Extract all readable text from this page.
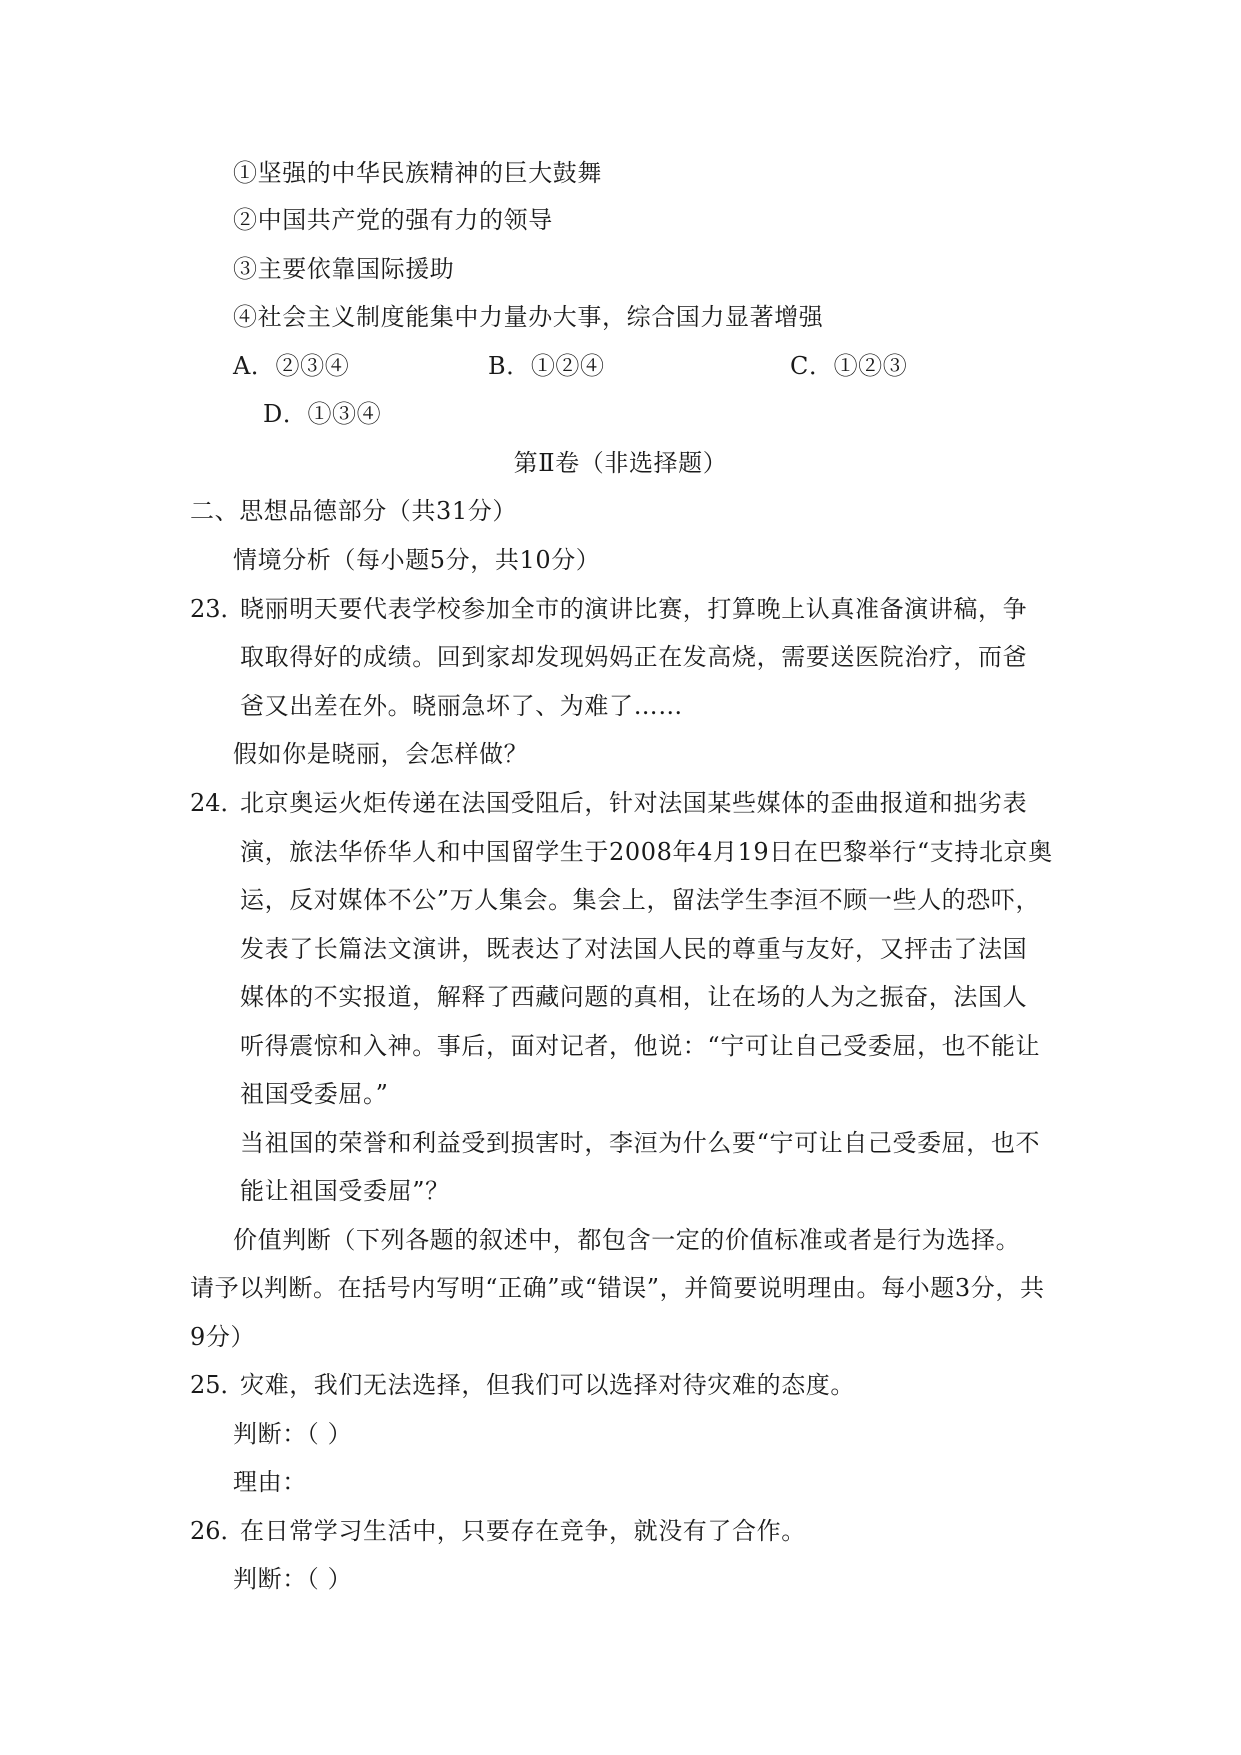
①坚强的中华民族精神的巨大鼓舞
②中国共产党的强有力的领导
③主要依靠国际援助
④社会主义制度能集中力量办大事，综合国力显著增强
A．②③④	B．①②④	C．①②③
D．①③④
第Ⅱ卷（非选择题）
二、思想品德部分（共31分）
情境分析（每小题5分，共10分）
23．
晓丽明天要代表学校参加全市的演讲比赛，打算晚上认真准备演讲稿，争
取取得好的成绩。回到家却发现妈妈正在发高烧，需要送医院治疗，而爸
爸又出差在外。晓丽急坏了、为难了……
假如你是晓丽，会怎样做？
24．
北京奥运火炬传递在法国受阻后，针对法国某些媒体的歪曲报道和拙劣表
演，旅法华侨华人和中国留学生于2008年4月19日在巴黎举行“支持北京奥
运，反对媒体不公”万人集会。集会上，留法学生李洹不顾一些人的恐吓，
发表了长篇法文演讲，既表达了对法国人民的尊重与友好，又抨击了法国
媒体的不实报道，解释了西藏问题的真相，让在场的人为之振奋，法国人
听得震惊和入神。事后，面对记者，他说：“宁可让自己受委屈，也不能让
祖国受委屈。”
当祖国的荣誉和利益受到损害时，李洹为什么要“宁可让自己受委屈，也不
能让祖国受委屈”？
价值判断（下列各题的叙述中，都包含一定的价值标准或者是行为选择。
请予以判断。在括号内写明“正确”或“错误”，并简要说明理由。每小题3分，共
9分）
25．
灾难，我们无法选择，但我们可以选择对待灾难的态度。
判断：（ ）
理由：
26．
在日常学习生活中，只要存在竞争，就没有了合作。
判断：（ ）
